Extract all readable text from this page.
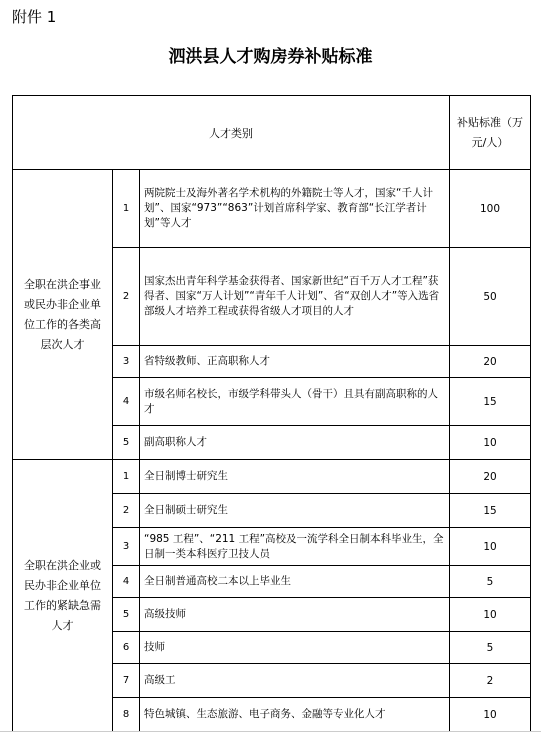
附件 1
泗洪县人才购房券补贴标准
人才类别			补贴标准（万元/人）
全职在洪企事业或民办非企业单位工作的各类高层次人才	1	两院院士及海外著名学术机构的外籍院士等人才，国家“千人计划”、国家“973”“863”计划首席科学家、教育部“长江学者计划”等人才	100
	2	国家杰出青年科学基金获得者、国家新世纪“百千万人才工程”获得者、国家“万人计划”“青年千人计划”、省“双创人才”等入选省部级人才培养工程或获得省级人才项目的人才	50
	3	省特级教师、正高职称人才	20
	4	市级名师名校长，市级学科带头人（骨干）且具有副高职称的人才	15
	5	副高职称人才	10
全职在洪企业或民办非企业单位工作的紧缺急需人才	1	全日制博士研究生	20
	2	全日制硕士研究生	15
	3	“985 工程”、“211 工程”高校及一流学科全日制本科毕业生，全日制一类本科医疗卫技人员	10
	4	全日制普通高校二本以上毕业生	5
	5	高级技师	10
	6	技师	5
	7	高级工	2
	8	特色城镇、生态旅游、电子商务、金融等专业化人才	10
